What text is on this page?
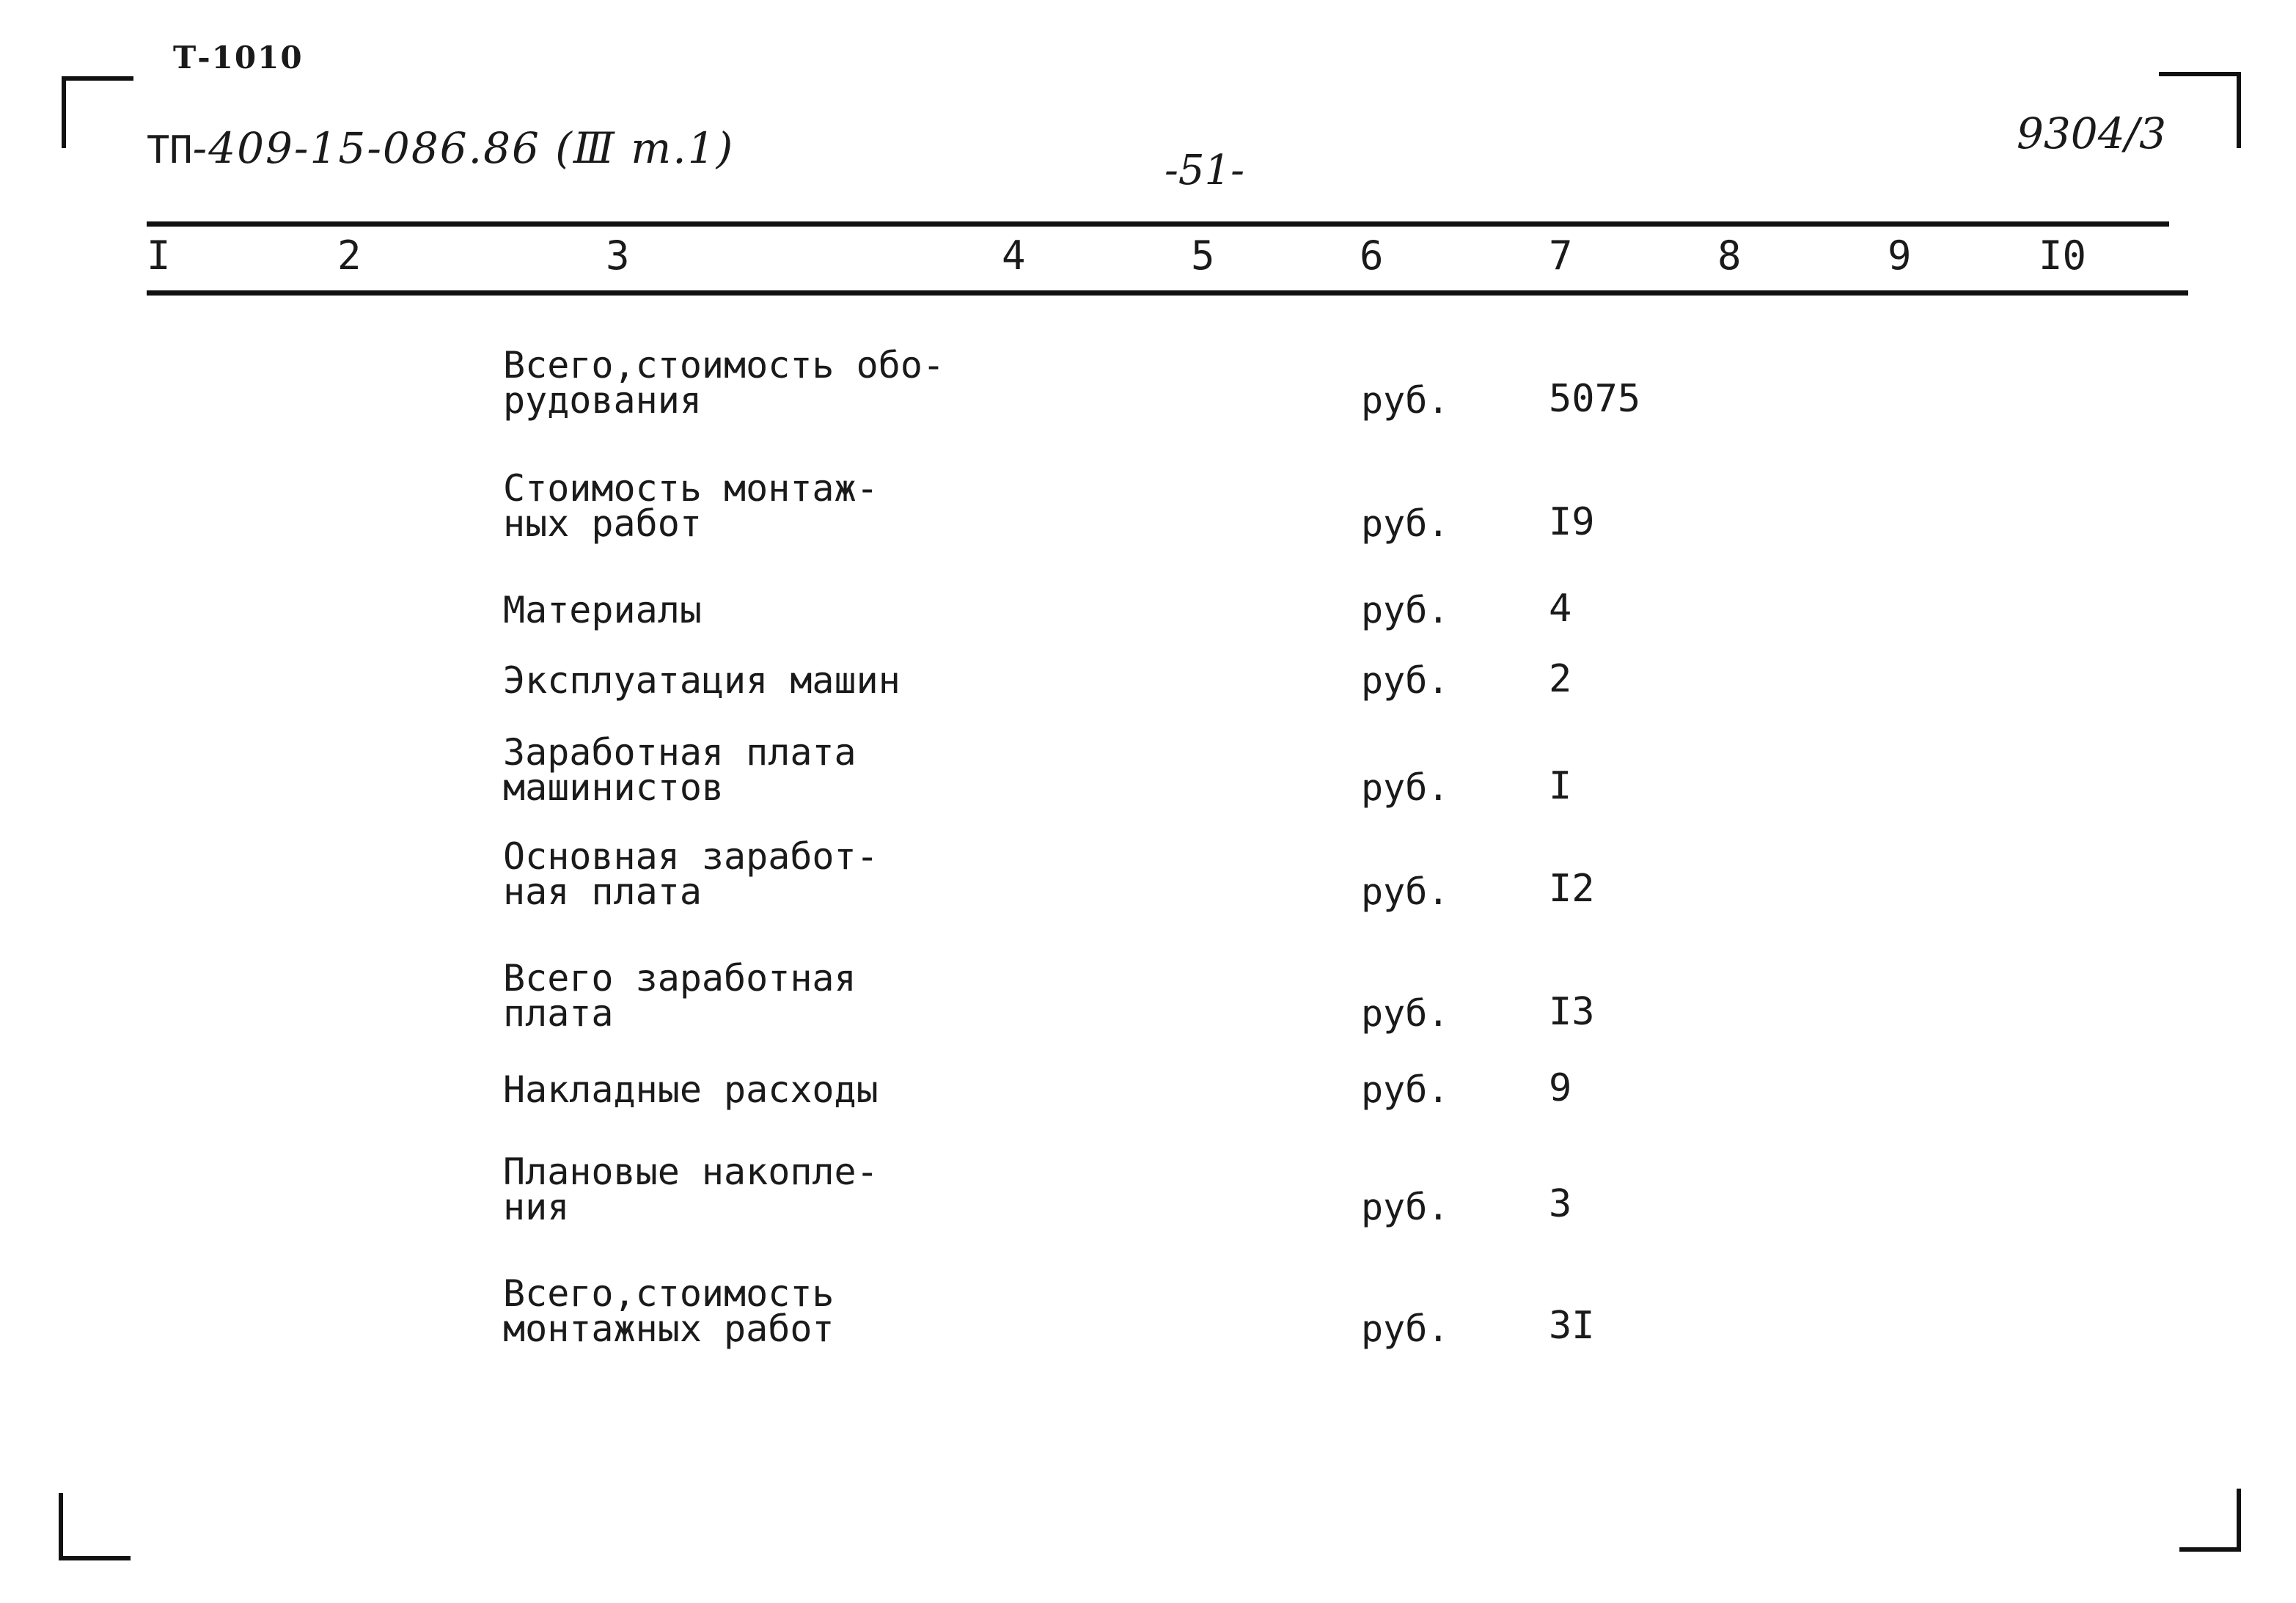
Т-1010
ТП-409-15-086.86 (Ⅲ т.1)	-51-
9304/3
I	2	3	4	5	6	7	8	9	I0
Всего,стоимость обо-
рудования	руб.	5075
Стоимость монтаж-
ных работ	руб.	I9
Материалы	руб.	4
Эксплуатация машин	руб.	2
Заработная плата
машинистов	руб.	I
Основная заработ-
ная плата	руб.	I2
Всего заработная
плата	руб.	I3
Накладные расходы	руб.	9
Плановые накопле-
ния	руб.	3
Всего,стоимость
монтажных работ	руб.	3I
